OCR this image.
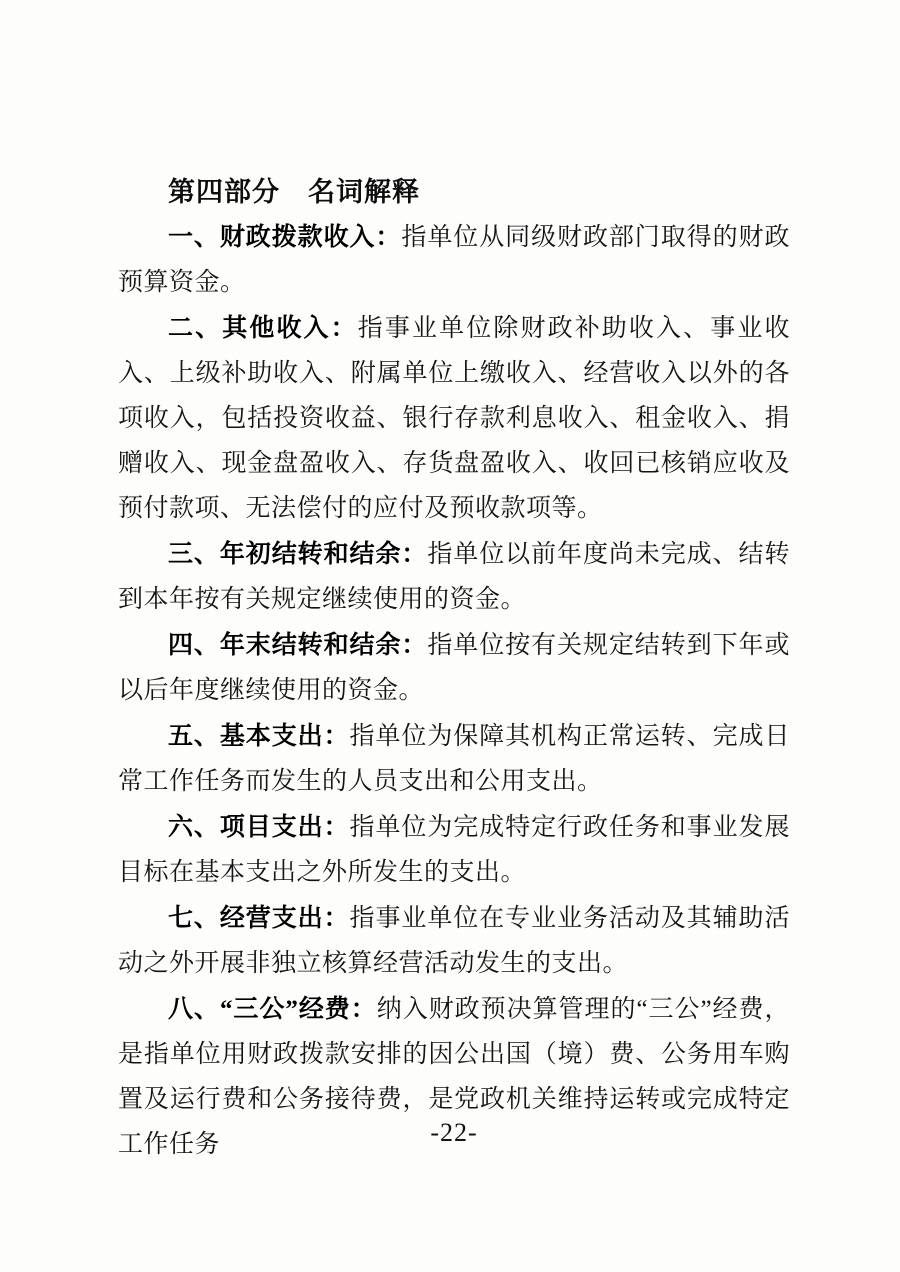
第四部分　名词解释

一、财政拨款收入：指单位从同级财政部门取得的财政预算资金。

二、其他收入：指事业单位除财政补助收入、事业收入、上级补助收入、附属单位上缴收入、经营收入以外的各项收入，包括投资收益、银行存款利息收入、租金收入、捐赠收入、现金盘盈收入、存货盘盈收入、收回已核销应收及预付款项、无法偿付的应付及预收款项等。

三、年初结转和结余：指单位以前年度尚未完成、结转到本年按有关规定继续使用的资金。

四、年末结转和结余：指单位按有关规定结转到下年或以后年度继续使用的资金。

五、基本支出：指单位为保障其机构正常运转、完成日常工作任务而发生的人员支出和公用支出。

六、项目支出：指单位为完成特定行政任务和事业发展目标在基本支出之外所发生的支出。

七、经营支出：指事业单位在专业业务活动及其辅助活动之外开展非独立核算经营活动发生的支出。

八、“三公”经费：纳入财政预决算管理的“三公”经费，是指单位用财政拨款安排的因公出国（境）费、公务用车购置及运行费和公务接待费，是党政机关维持运转或完成特定工作任务	-22-
